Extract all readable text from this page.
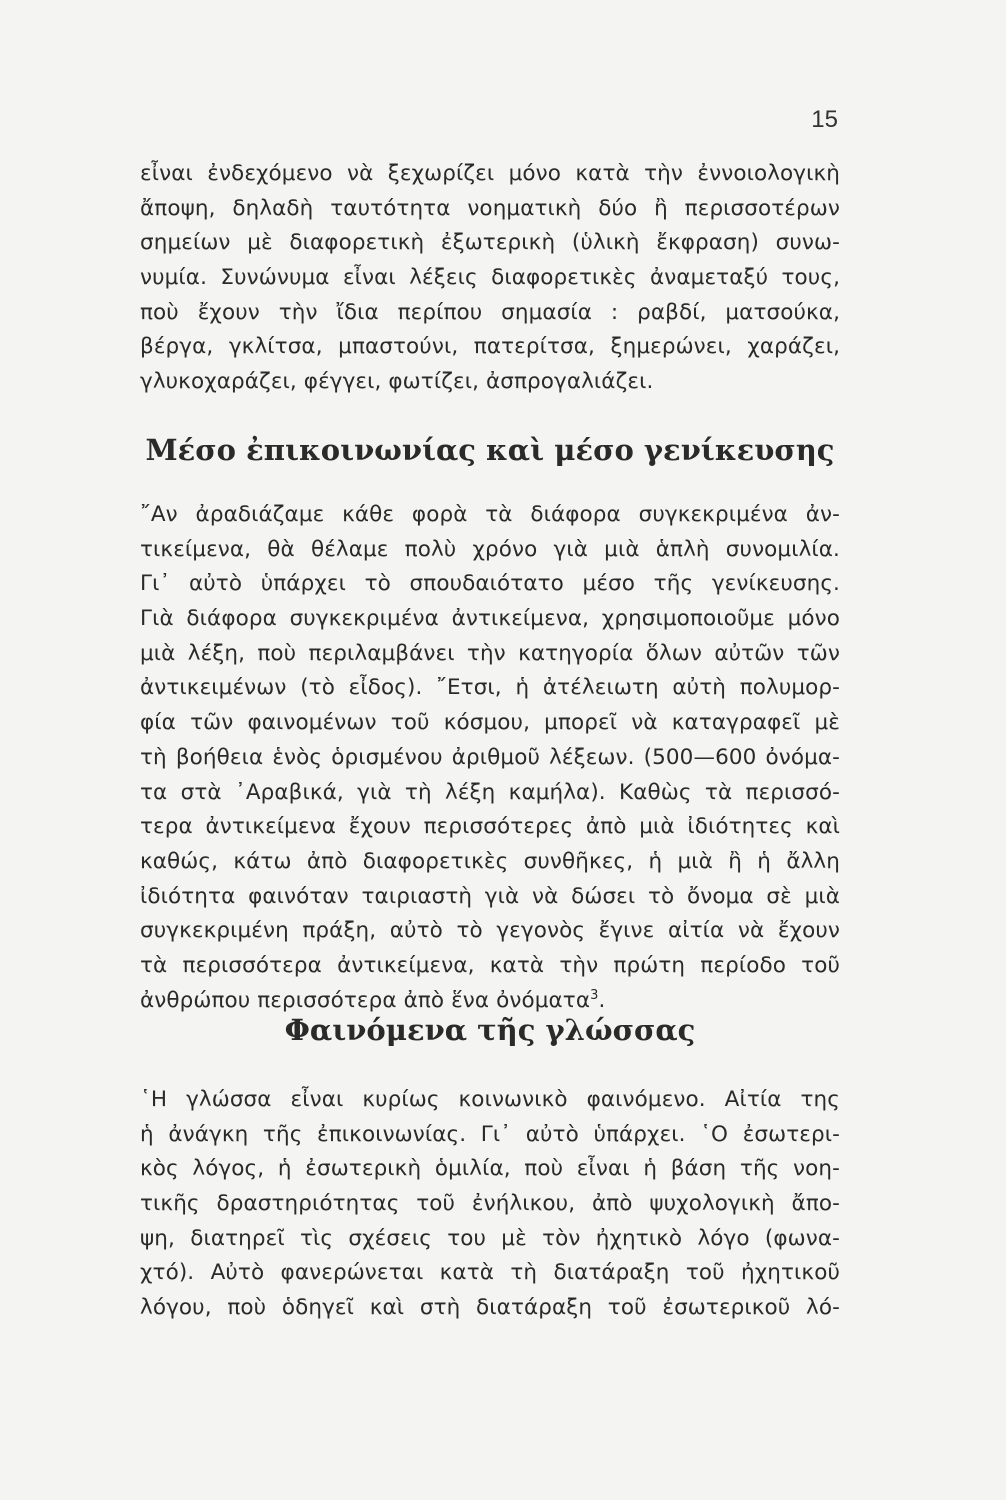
15
εἶναι ἐνδεχόμενο νὰ ξεχωρίζει μόνο κατὰ τὴν ἐννοιολογικὴ
ἄποψη, δηλαδὴ ταυτότητα νοηματικὴ δύο ἢ περισσοτέρων
σημείων μὲ διαφορετικὴ ἐξωτερικὴ (ὑλικὴ ἔκφραση) συνω-
νυμία. Συνώνυμα εἶναι λέξεις διαφορετικὲς ἀναμεταξύ τους,
ποὺ ἔχουν τὴν ἴδια περίπου σημασία : ραβδί, ματσούκα,
βέργα, γκλίτσα, μπαστούνι, πατερίτσα, ξημερώνει, χαράζει,
γλυκοχαράζει, φέγγει, φωτίζει, ἀσπρογαλιάζει.
Μέσο ἐπικοινωνίας καὶ μέσο γενίκευσης
῎Αν ἀραδιάζαμε κάθε φορὰ τὰ διάφορα συγκεκριμένα ἀν-
τικείμενα, θὰ θέλαμε πολὺ χρόνο γιὰ μιὰ ἁπλὴ συνομιλία.
Γι᾽ αὐτὸ ὑπάρχει τὸ σπουδαιότατο μέσο τῆς γενίκευσης.
Γιὰ διάφορα συγκεκριμένα ἀντικείμενα, χρησιμοποιοῦμε μόνο
μιὰ λέξη, ποὺ περιλαμβάνει τὴν κατηγορία ὅλων αὐτῶν τῶν
ἀντικειμένων (τὸ εἶδος). ῎Ετσι, ἡ ἀτέλειωτη αὐτὴ πολυμορ-
φία τῶν φαινομένων τοῦ κόσμου, μπορεῖ νὰ καταγραφεῖ μὲ
τὴ βοήθεια ἑνὸς ὁρισμένου ἀριθμοῦ λέξεων. (500—600 ὀνόμα-
τα στὰ ᾽Αραβικά, γιὰ τὴ λέξη καμήλα). Καθὼς τὰ περισσό-
τερα ἀντικείμενα ἔχουν περισσότερες ἀπὸ μιὰ ἰδιότητες καὶ
καθώς, κάτω ἀπὸ διαφορετικὲς συνθῆκες, ἡ μιὰ ἢ ἡ ἄλλη
ἰδιότητα φαινόταν ταιριαστὴ γιὰ νὰ δώσει τὸ ὄνομα σὲ μιὰ
συγκεκριμένη πράξη, αὐτὸ τὸ γεγονὸς ἔγινε αἰτία νὰ ἔχουν
τὰ περισσότερα ἀντικείμενα, κατὰ τὴν πρώτη περίοδο τοῦ
ἀνθρώπου περισσότερα ἀπὸ ἕνα ὀνόματα$^3$.
Φαινόμενα τῆς γλώσσας
῾Η γλώσσα εἶναι κυρίως κοινωνικὸ φαινόμενο. Αἰτία της
ἡ ἀνάγκη τῆς ἐπικοινωνίας. Γι᾽ αὐτὸ ὑπάρχει. ῾Ο ἐσωτερι-
κὸς λόγος, ἡ ἐσωτερικὴ ὁμιλία, ποὺ εἶναι ἡ βάση τῆς νοη-
τικῆς δραστηριότητας τοῦ ἐνήλικου, ἀπὸ ψυχολογικὴ ἄπο-
ψη, διατηρεῖ τὶς σχέσεις του μὲ τὸν ἠχητικὸ λόγο (φωνα-
χτό). Αὐτὸ φανερώνεται κατὰ τὴ διατάραξη τοῦ ἠχητικοῦ
λόγου, ποὺ ὁδηγεῖ καὶ στὴ διατάραξη τοῦ ἐσωτερικοῦ λό-
